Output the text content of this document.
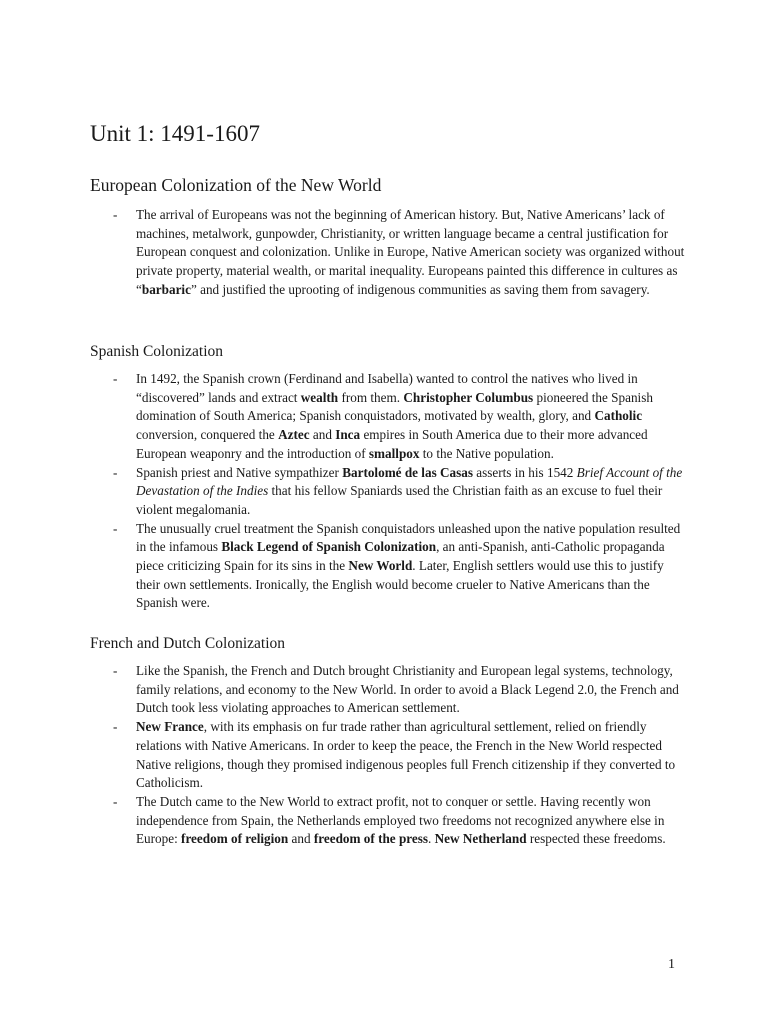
Unit 1: 1491-1607
European Colonization of the New World
- The arrival of Europeans was not the beginning of American history. But, Native Americans’ lack of machines, metalwork, gunpowder, Christianity, or written language became a central justification for European conquest and colonization. Unlike in Europe, Native American society was organized without private property, material wealth, or marital inequality. Europeans painted this difference in cultures as “barbaric” and justified the uprooting of indigenous communities as saving them from savagery.
Spanish Colonization
- In 1492, the Spanish crown (Ferdinand and Isabella) wanted to control the natives who lived in “discovered” lands and extract wealth from them. Christopher Columbus pioneered the Spanish domination of South America; Spanish conquistadors, motivated by wealth, glory, and Catholic conversion, conquered the Aztec and Inca empires in South America due to their more advanced European weaponry and the introduction of smallpox to the Native population.
- Spanish priest and Native sympathizer Bartolomé de las Casas asserts in his 1542 Brief Account of the Devastation of the Indies that his fellow Spaniards used the Christian faith as an excuse to fuel their violent megalomania.
- The unusually cruel treatment the Spanish conquistadors unleashed upon the native population resulted in the infamous Black Legend of Spanish Colonization, an anti-Spanish, anti-Catholic propaganda piece criticizing Spain for its sins in the New World. Later, English settlers would use this to justify their own settlements. Ironically, the English would become crueler to Native Americans than the Spanish were.
French and Dutch Colonization
- Like the Spanish, the French and Dutch brought Christianity and European legal systems, technology, family relations, and economy to the New World. In order to avoid a Black Legend 2.0, the French and Dutch took less violating approaches to American settlement.
- New France, with its emphasis on fur trade rather than agricultural settlement, relied on friendly relations with Native Americans. In order to keep the peace, the French in the New World respected Native religions, though they promised indigenous peoples full French citizenship if they converted to Catholicism.
- The Dutch came to the New World to extract profit, not to conquer or settle. Having recently won independence from Spain, the Netherlands employed two freedoms not recognized anywhere else in Europe: freedom of religion and freedom of the press. New Netherland respected these freedoms.
1
